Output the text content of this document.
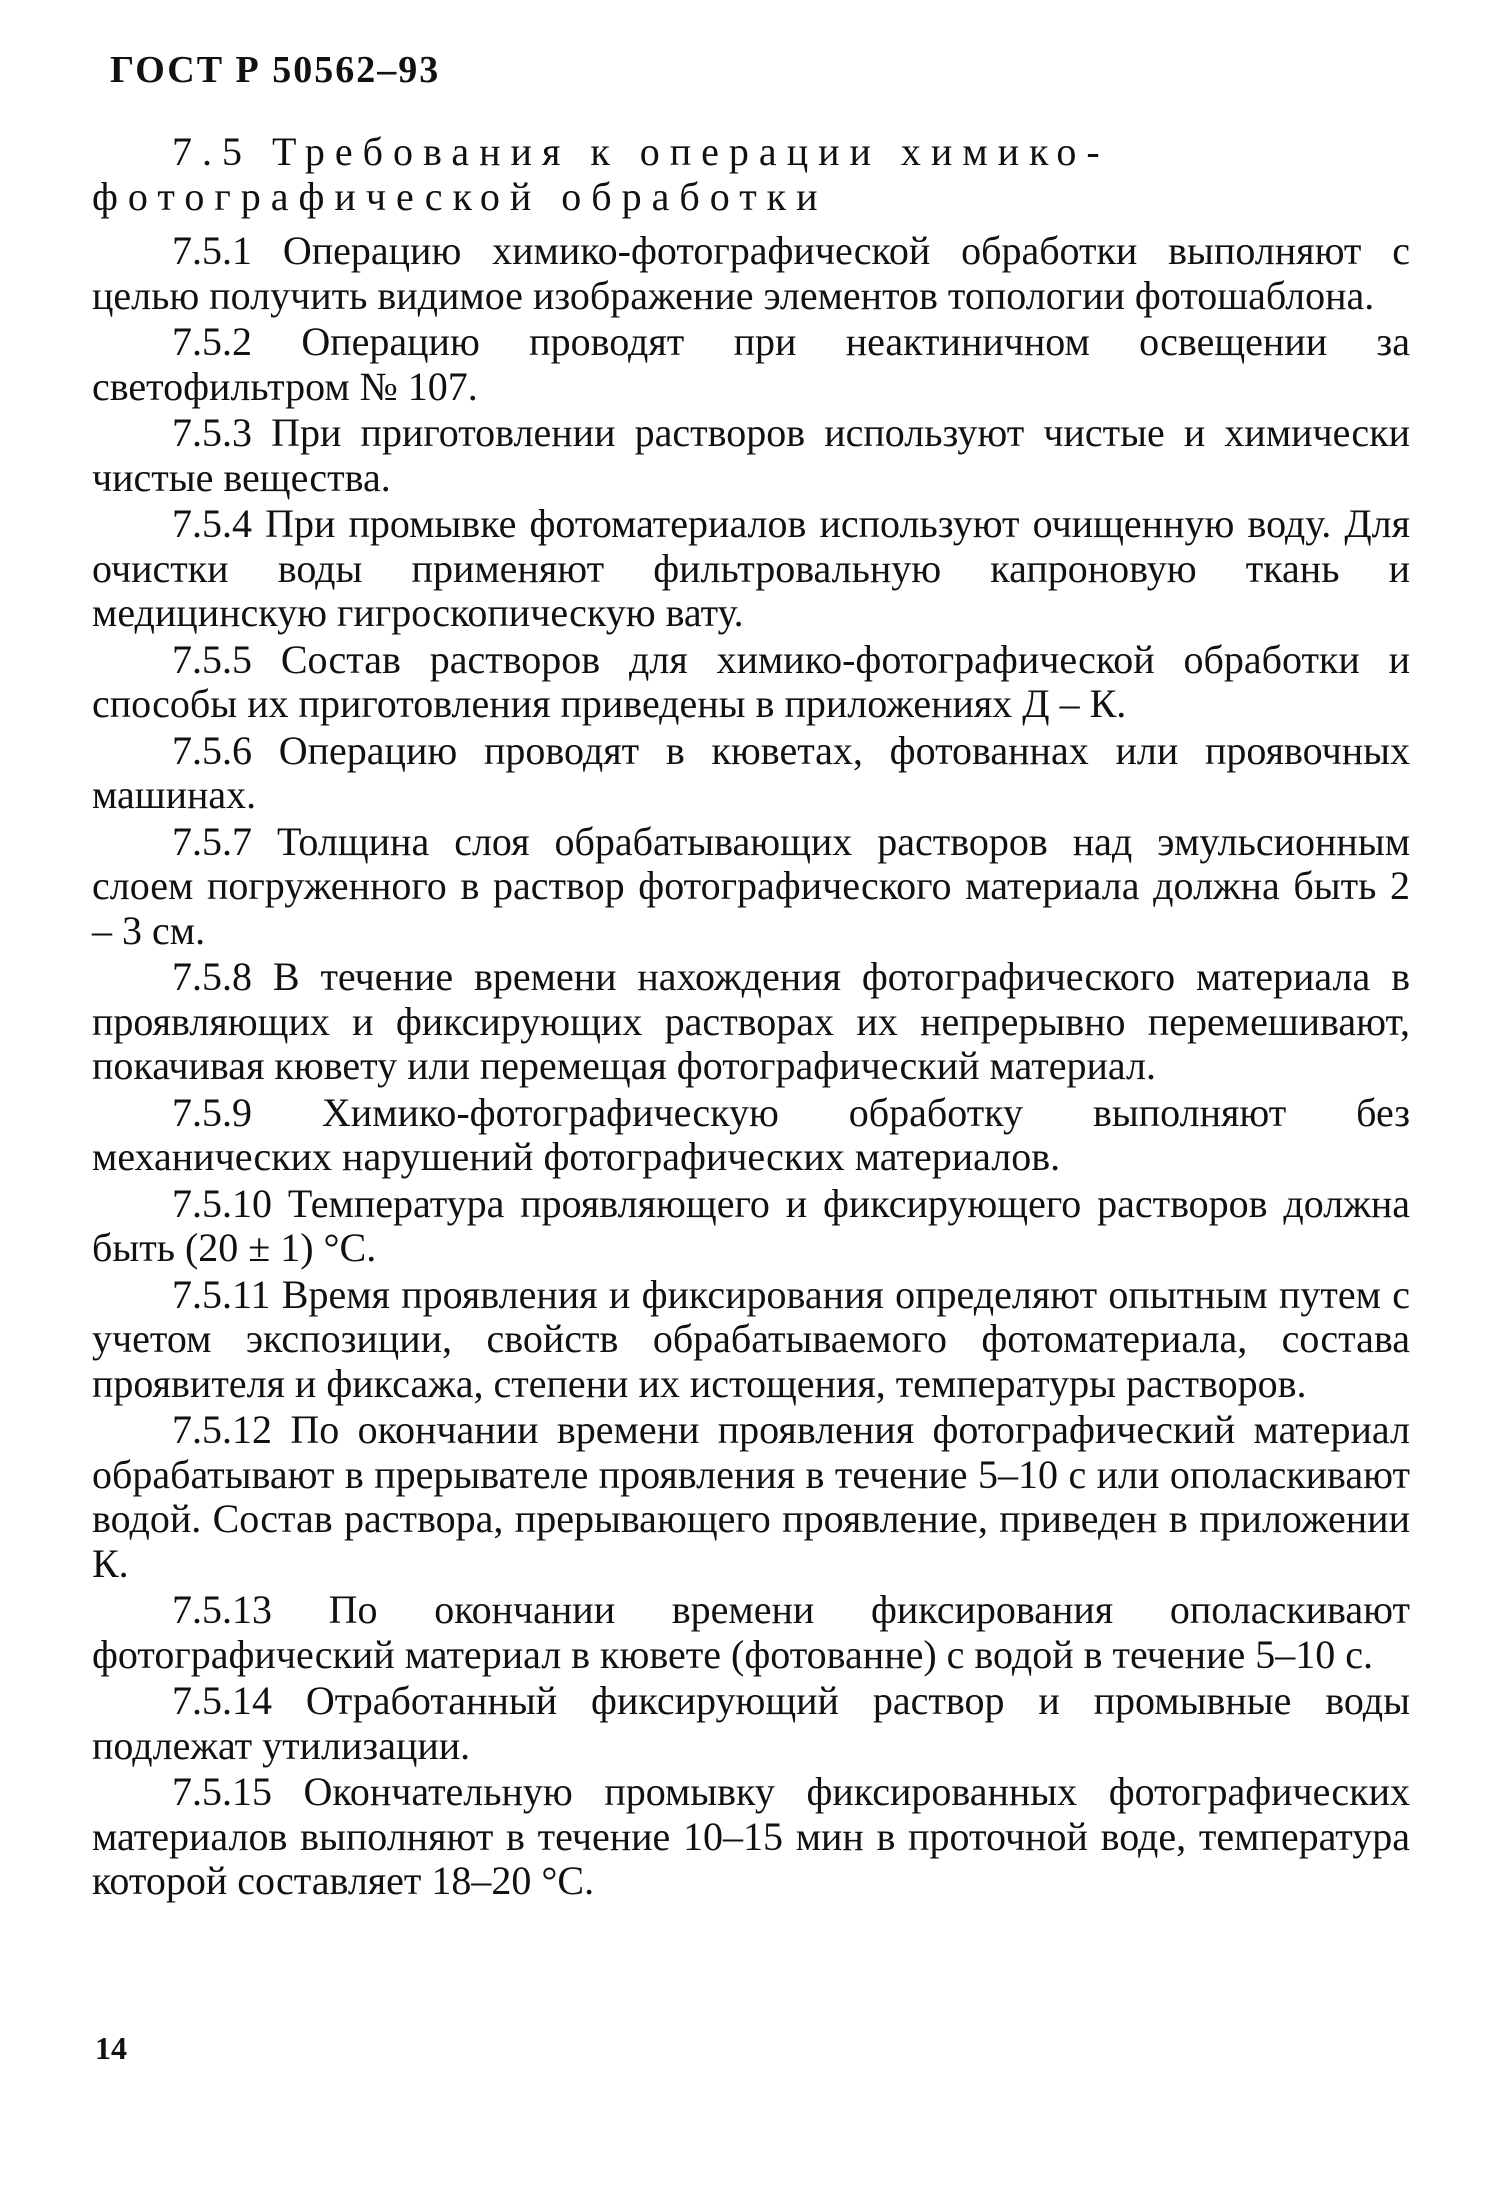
ГОСТ Р 50562–93
7.5 Требования к операции химико-фотографической обработки

7.5.1 Операцию химико-фотографической обработки выполняют с целью получить видимое изображение элементов топологии фотошаблона.

7.5.2 Операцию проводят при неактиничном освещении за светофильтром № 107.

7.5.3 При приготовлении растворов используют чистые и химически чистые вещества.

7.5.4 При промывке фотоматериалов используют очищенную воду. Для очистки воды применяют фильтровальную капроновую ткань и медицинскую гигроскопическую вату.

7.5.5 Состав растворов для химико-фотографической обработки и способы их приготовления приведены в приложениях Д – К.

7.5.6 Операцию проводят в кюветах, фотованнах или проявочных машинах.

7.5.7 Толщина слоя обрабатывающих растворов над эмульсионным слоем погруженного в раствор фотографического материала должна быть 2 – 3 см.

7.5.8 В течение времени нахождения фотографического материала в проявляющих и фиксирующих растворах их непрерывно перемешивают, покачивая кювету или перемещая фотографический материал.

7.5.9 Химико-фотографическую обработку выполняют без механических нарушений фотографических материалов.

7.5.10 Температура проявляющего и фиксирующего растворов должна быть (20 ± 1) °С.

7.5.11 Время проявления и фиксирования определяют опытным путем с учетом экспозиции, свойств обрабатываемого фотоматериала, состава проявителя и фиксажа, степени их истощения, температуры растворов.

7.5.12 По окончании времени проявления фотографический материал обрабатывают в прерывателе проявления в течение 5–10 с или ополаскивают водой. Состав раствора, прерывающего проявление, приведен в приложении К.

7.5.13 По окончании времени фиксирования ополаскивают фотографический материал в кювете (фотованне) с водой в течение 5–10 с.

7.5.14 Отработанный фиксирующий раствор и промывные воды подлежат утилизации.

7.5.15 Окончательную промывку фиксированных фотографических материалов выполняют в течение 10–15 мин в проточной воде, температура которой составляет 18–20 °С.

14
